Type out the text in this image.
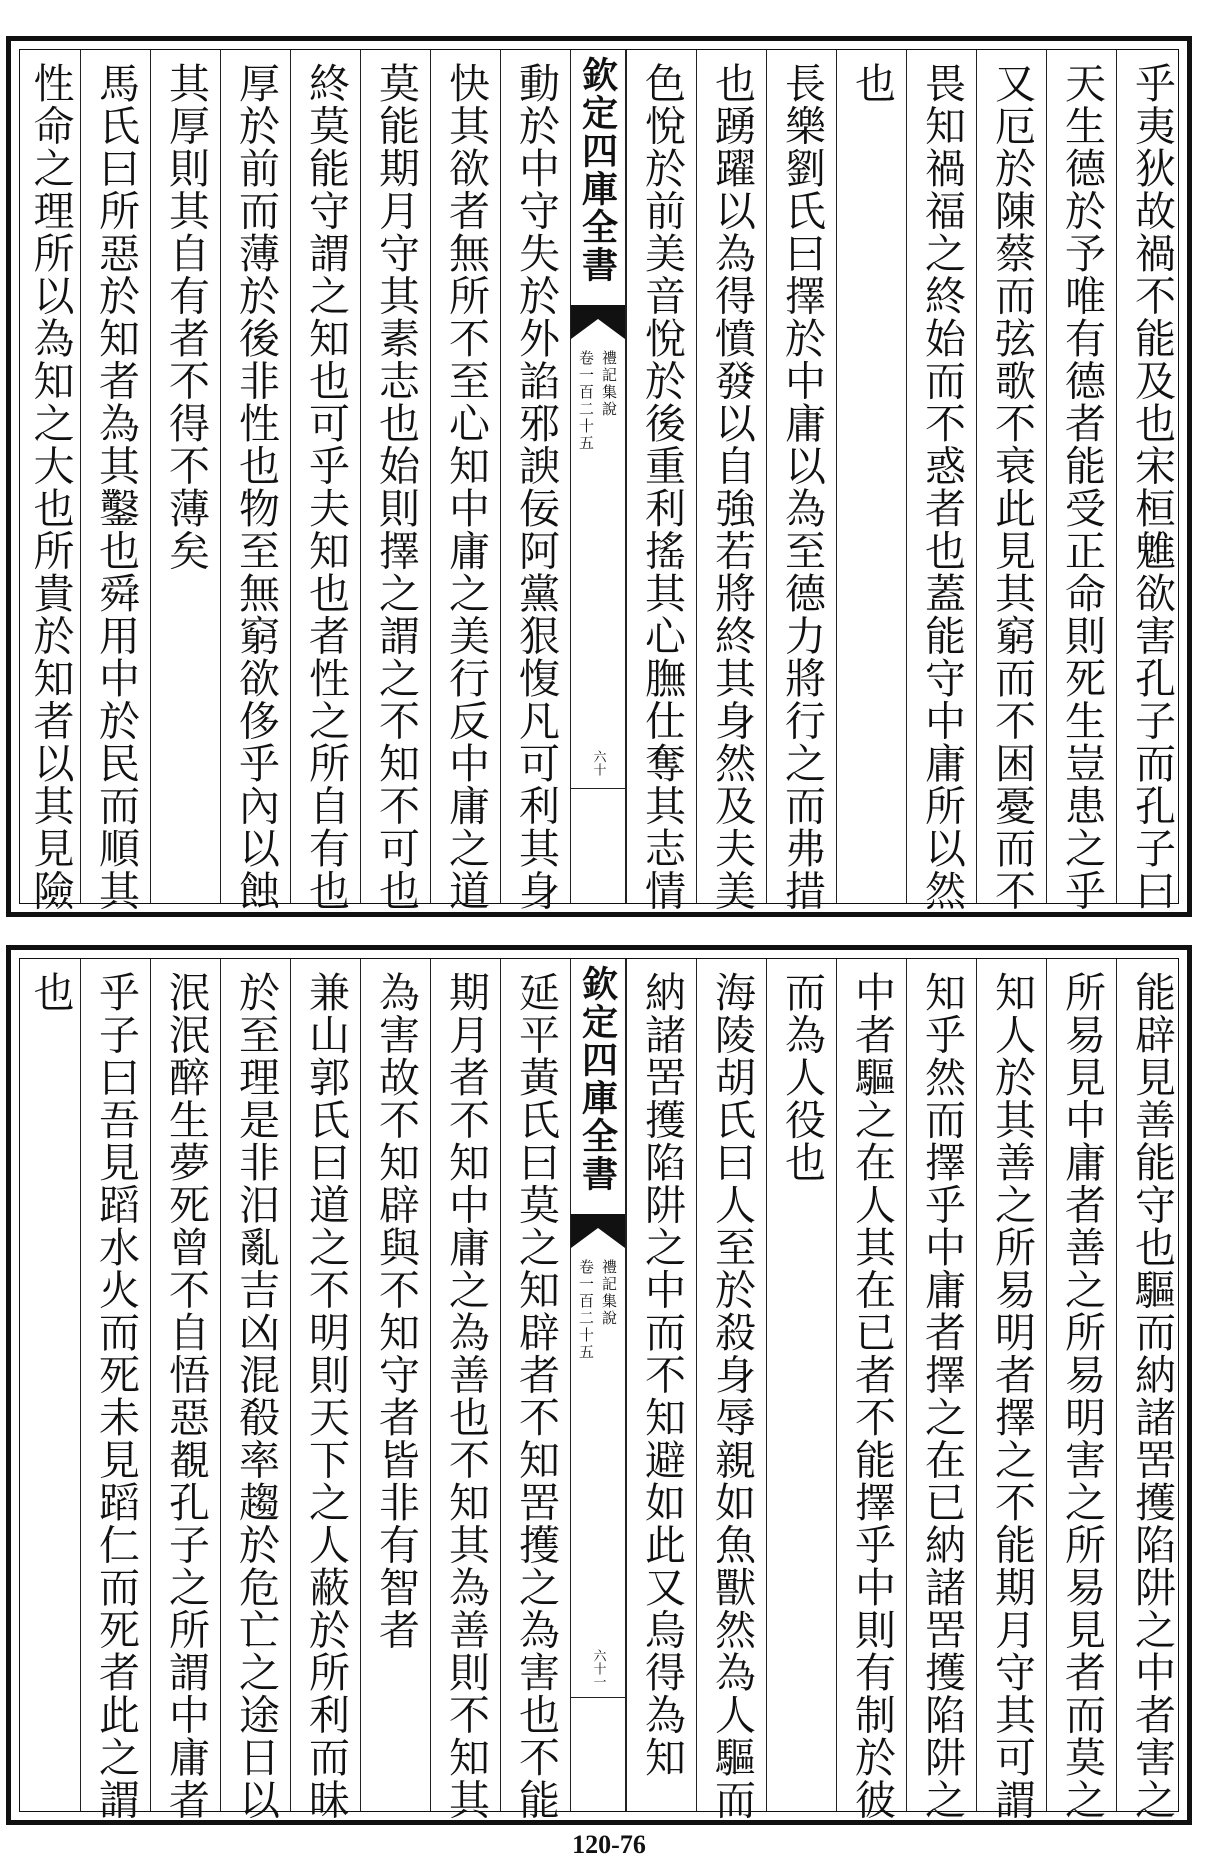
乎夷狄故禍不能及也宋桓魋欲害孔子而孔子曰
天生德於予唯有德者能受正命則死生豈患之乎
又厄於陳蔡而弦歌不衰此見其窮而不困憂而不
畏知禍福之終始而不惑者也蓋能守中庸所以然
也
長樂劉氏曰擇於中庸以為至德力將行之而弗措
也踴躍以為得憤發以自強若將終其身然及夫美
色悅於前美音悅於後重利搖其心膴仕奪其志情
欽定四庫全書
禮記集說
卷一百二十五
六十
動於中守失於外諂邪諛佞阿黨狠愎凡可利其身
快其欲者無所不至心知中庸之美行反中庸之道
莫能期月守其素志也始則擇之謂之不知不可也
終莫能守謂之知也可乎夫知也者性之所自有也
厚於前而薄於後非性也物至無窮欲侈乎內以蝕
其厚則其自有者不得不薄矣
馬氏曰所惡於知者為其鑿也舜用中於民而順其
性命之理所以為知之大也所貴於知者以其見險
能辟見善能守也驅而納諸罟擭陷阱之中者害之
所易見中庸者善之所易明害之所易見者而莫之
知人於其善之所易明者擇之不能期月守其可謂
知乎然而擇乎中庸者擇之在已納諸罟擭陷阱之
中者驅之在人其在已者不能擇乎中則有制於彼
而為人役也
海陵胡氏曰人至於殺身辱親如魚獸然為人驅而
納諸罟擭陷阱之中而不知避如此又烏得為知
欽定四庫全書
禮記集說
卷一百二十五
六十一
延平黃氏曰莫之知辟者不知罟擭之為害也不能
期月者不知中庸之為善也不知其為善則不知其
為害故不知辟與不知守者皆非有智者
兼山郭氏曰道之不明則天下之人蔽於所利而昧
於至理是非汨亂吉凶混殽率趨於危亡之途日以
泯泯醉生夢死曾不自悟惡覩孔子之所謂中庸者
乎子曰吾見蹈水火而死未見蹈仁而死者此之謂
也
120-76
